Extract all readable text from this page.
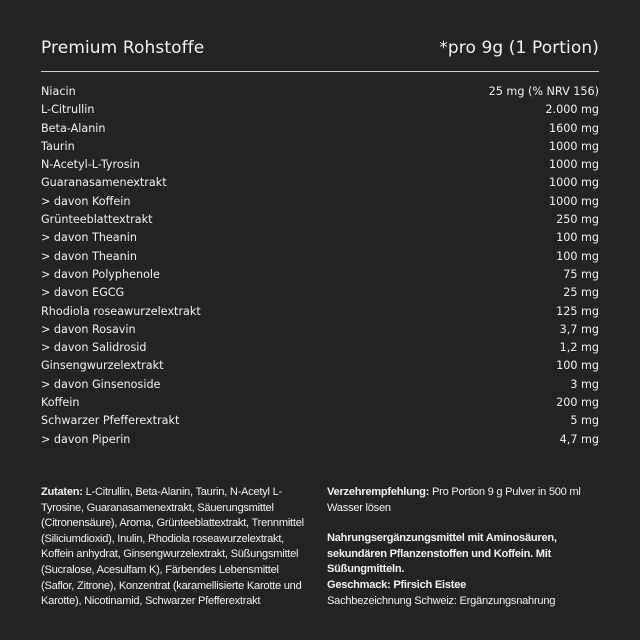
Premium Rohstoffe	*pro 9g (1 Portion)
Niacin	25 mg (% NRV 156)
L-Citrullin	2.000 mg
Beta-Alanin	1600 mg
Taurin	1000 mg
N-Acetyl-L-Tyrosin	1000 mg
Guaranasamenextrakt	1000 mg
> davon Koffein	1000 mg
Grünteeblattextrakt	250 mg
> davon Theanin	100 mg
> davon Theanin	100 mg
> davon Polyphenole	75 mg
> davon EGCG	25 mg
Rhodiola roseawurzelextrakt	125 mg
> davon Rosavin	3,7 mg
> davon Salidrosid	1,2 mg
Ginsengwurzelextrakt	100 mg
> davon Ginsenoside	3 mg
Koffein	200 mg
Schwarzer Pfefferextrakt	5 mg
> davon Piperin	4,7 mg
Zutaten: L-Citrullin, Beta-Alanin, Taurin, N-Acetyl L-Tyrosine, Guaranasamenextrakt, Säuerungsmittel (Citronensäure), Aroma, Grünteeblattextrakt, Trennmittel (Siliciumdioxid), Inulin, Rhodiola roseawurzelextrakt, Koffein anhydrat, Ginsengwurzelextrakt, Süßungsmittel (Sucralose, Acesulfam K), Färbendes Lebensmittel (Saflor, Zitrone), Konzentrat (karamellisierte Karotte und Karotte), Nicotinamid, Schwarzer Pfefferextrakt
Verzehrempfehlung: Pro Portion 9 g Pulver in 500 ml Wasser lösen
Nahrungsergänzungsmittel mit Aminosäuren, sekundären Pflanzenstoffen und Koffein. Mit Süßungmitteln.
Geschmack: Pfirsich Eistee
Sachbezeichnung Schweiz: Ergänzungsnahrung
